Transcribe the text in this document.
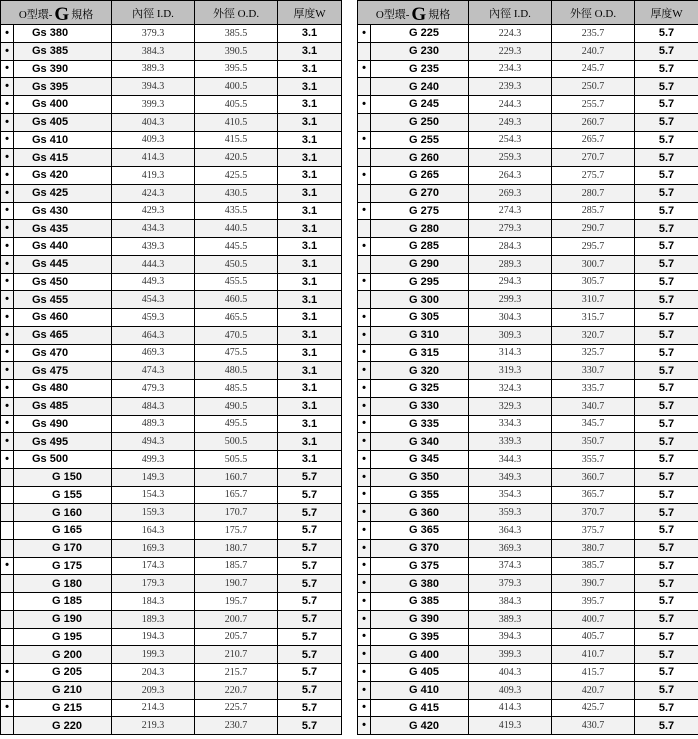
O型環- G 規格		內徑 I.D.	外徑 O.D.	厚度W
•	Gs 380	379.3	385.5	3.1
•	Gs 385	384.3	390.5	3.1
•	Gs 390	389.3	395.5	3.1
•	Gs 395	394.3	400.5	3.1
•	Gs 400	399.3	405.5	3.1
•	Gs 405	404.3	410.5	3.1
•	Gs 410	409.3	415.5	3.1
•	Gs 415	414.3	420.5	3.1
•	Gs 420	419.3	425.5	3.1
•	Gs 425	424.3	430.5	3.1
•	Gs 430	429.3	435.5	3.1
•	Gs 435	434.3	440.5	3.1
•	Gs 440	439.3	445.5	3.1
•	Gs 445	444.3	450.5	3.1
•	Gs 450	449.3	455.5	3.1
•	Gs 455	454.3	460.5	3.1
•	Gs 460	459.3	465.5	3.1
•	Gs 465	464.3	470.5	3.1
•	Gs 470	469.3	475.5	3.1
•	Gs 475	474.3	480.5	3.1
•	Gs 480	479.3	485.5	3.1
•	Gs 485	484.3	490.5	3.1
•	Gs 490	489.3	495.5	3.1
•	Gs 495	494.3	500.5	3.1
•	Gs 500	499.3	505.5	3.1
	G 150	149.3	160.7	5.7
	G 155	154.3	165.7	5.7
	G 160	159.3	170.7	5.7
	G 165	164.3	175.7	5.7
	G 170	169.3	180.7	5.7
•	G 175	174.3	185.7	5.7
	G 180	179.3	190.7	5.7
	G 185	184.3	195.7	5.7
	G 190	189.3	200.7	5.7
	G 195	194.3	205.7	5.7
	G 200	199.3	210.7	5.7
•	G 205	204.3	215.7	5.7
	G 210	209.3	220.7	5.7
•	G 215	214.3	225.7	5.7
	G 220	219.3	230.7	5.7
O型環- G 規格		內徑 I.D.	外徑 O.D.	厚度W
•	G 225	224.3	235.7	5.7
	G 230	229.3	240.7	5.7
•	G 235	234.3	245.7	5.7
	G 240	239.3	250.7	5.7
•	G 245	244.3	255.7	5.7
	G 250	249.3	260.7	5.7
•	G 255	254.3	265.7	5.7
	G 260	259.3	270.7	5.7
•	G 265	264.3	275.7	5.7
	G 270	269.3	280.7	5.7
•	G 275	274.3	285.7	5.7
	G 280	279.3	290.7	5.7
•	G 285	284.3	295.7	5.7
	G 290	289.3	300.7	5.7
•	G 295	294.3	305.7	5.7
	G 300	299.3	310.7	5.7
•	G 305	304.3	315.7	5.7
•	G 310	309.3	320.7	5.7
•	G 315	314.3	325.7	5.7
•	G 320	319.3	330.7	5.7
•	G 325	324.3	335.7	5.7
•	G 330	329.3	340.7	5.7
•	G 335	334.3	345.7	5.7
•	G 340	339.3	350.7	5.7
•	G 345	344.3	355.7	5.7
•	G 350	349.3	360.7	5.7
•	G 355	354.3	365.7	5.7
•	G 360	359.3	370.7	5.7
•	G 365	364.3	375.7	5.7
•	G 370	369.3	380.7	5.7
•	G 375	374.3	385.7	5.7
•	G 380	379.3	390.7	5.7
•	G 385	384.3	395.7	5.7
•	G 390	389.3	400.7	5.7
•	G 395	394.3	405.7	5.7
•	G 400	399.3	410.7	5.7
•	G 405	404.3	415.7	5.7
•	G 410	409.3	420.7	5.7
•	G 415	414.3	425.7	5.7
•	G 420	419.3	430.7	5.7
